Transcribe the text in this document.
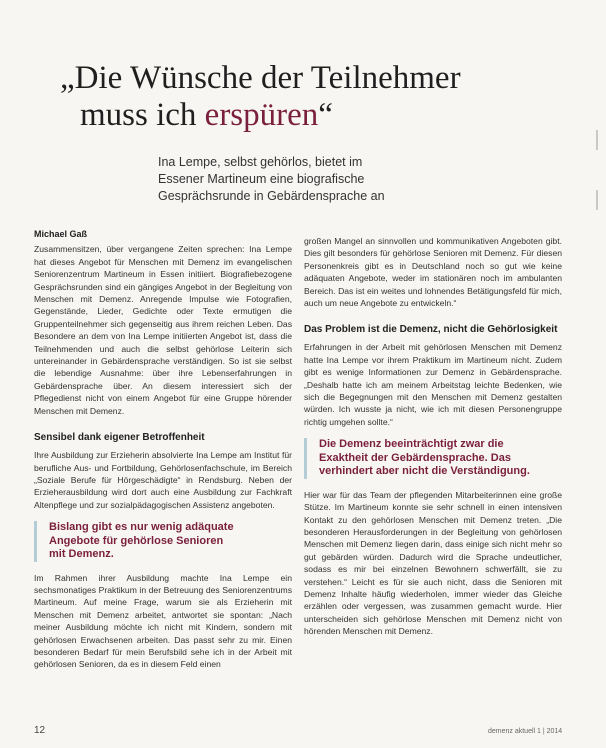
„Die Wünsche der Teilnehmer
muss ich erspüren“
Ina Lempe, selbst gehörlos, bietet im
Essener Martineum eine biografische
Gesprächsrunde in Gebärdensprache an
Michael Gaß

Zusammensitzen, über vergangene Zeiten sprechen: Ina Lempe hat dieses Angebot für Menschen mit Demenz im evangelischen Seniorenzentrum Martineum in Essen initiiert. Biografiebezogene Gesprächsrunden sind ein gängiges Angebot in der Begleitung von Menschen mit Demenz. Anregende Impulse wie Fotografien, Gegenstände, Lieder, Gedichte oder Texte ermutigen die Gruppenteilnehmer sich gegenseitig aus ihrem reichen Leben. Das Besondere an dem von Ina Lempe initiierten Angebot ist, dass die Teilnehmenden und auch die selbst gehörlose Leiterin sich untereinander in Gebärdensprache verständigen. So ist sie selbst die lebendige Ausnahme: über ihre Lebenserfahrungen in Gebärdensprache über. An diesem interessiert sich der Pflegedienst nicht von einem Angebot für eine Gruppe hörender Menschen mit Demenz.

Sensibel dank eigener Betroffenheit

Ihre Ausbildung zur Erzieherin absolvierte Ina Lempe am Institut für berufliche Aus- und Fortbildung, Gehörlosenfachschule, im Bereich „Soziale Berufe für Hörgeschädigte“ in Rendsburg. Neben der Erzieherausbildung wird dort auch eine Ausbildung zur Fachkraft Altenpflege und zur sozialpädagogischen Assistenz angeboten.

Bislang gibt es nur wenig adäquate
Angebote für gehörlose Senioren
mit Demenz.

Im Rahmen ihrer Ausbildung machte Ina Lempe ein sechsmonatiges Praktikum in der Betreuung des Seniorenzentrums Martineum. Auf meine Frage, warum sie als Erzieherin mit Menschen mit Demenz arbeitet, antwortet sie spontan: „Nach meiner Ausbildung möchte ich nicht mit Kindern, sondern mit gehörlosen Erwachsenen arbeiten. Das passt sehr zu mir. Einen besonderen Bedarf für mein Berufsbild sehe ich in der Arbeit mit gehörlosen Senioren, da es in diesem Feld einen

großen Mangel an sinnvollen und kommunikativen Angeboten gibt. Dies gilt besonders für gehörlose Senioren mit Demenz. Für diesen Personenkreis gibt es in Deutschland noch so gut wie keine adäquaten Angebote, weder im stationären noch im ambulanten Bereich. Das ist ein weites und lohnendes Betätigungsfeld für mich, auch um neue Angebote zu entwickeln.“

Das Problem ist die Demenz, nicht die Gehörlosigkeit

Erfahrungen in der Arbeit mit gehörlosen Menschen mit Demenz hatte Ina Lempe vor ihrem Praktikum im Martineum nicht. Zudem gibt es wenige Informationen zur Demenz in Gebärdensprache. „Deshalb hatte ich am meinem Arbeitstag leichte Bedenken, wie sich die Begegnungen mit den Menschen mit Demenz gestalten würden. Ich wusste ja nicht, wie ich mit diesen Personengruppe richtig umgehen sollte.“

Die Demenz beeinträchtigt zwar die
Exaktheit der Gebärdensprache. Das
verhindert aber nicht die Verständigung.

Hier war für das Team der pflegenden Mitarbeiterinnen eine große Stütze. Im Martineum konnte sie sehr schnell in einen intensiven Kontakt zu den gehörlosen Menschen mit Demenz treten. „Die besonderen Herausforderungen in der Begleitung von gehörlosen Menschen mit Demenz liegen darin, dass einige sich nicht mehr so gut gebärden würden. Dadurch wird die Sprache undeutlicher, sodass es mir bei einzelnen Bewohnern schwerfällt, sie zu verstehen.“ Leicht es für sie auch nicht, dass die Senioren mit Demenz Inhalte häufig wiederholen, immer wieder das Gleiche erzählen oder vergessen, was zusammen gemacht wurde. Hier unterscheiden sich gehörlose Menschen mit Demenz nicht von hörenden Menschen mit Demenz.

12	demenz aktuell 1 | 2014
